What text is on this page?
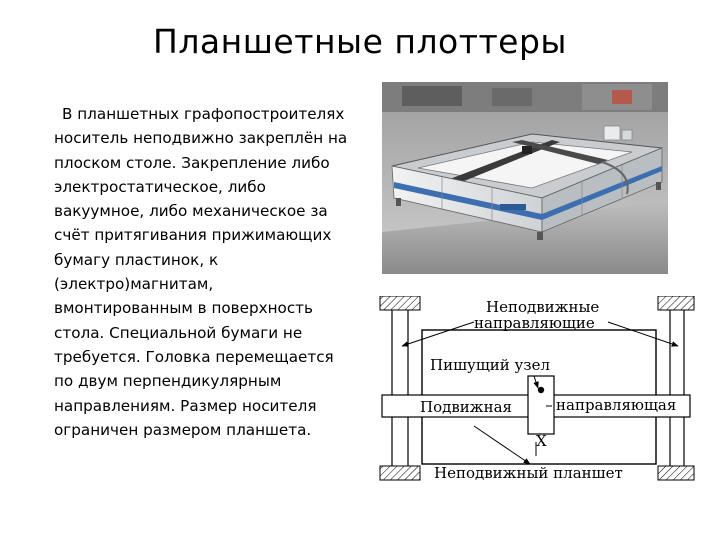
Планшетные плоттеры
В планшетных графопостроителях
носитель неподвижно закреплён на
плоском столе. Закрепление либо
электростатическое, либо
вакуумное, либо механическое за
счёт притягивания прижимающих
бумагу пластинок, к
(электро)магнитам,
вмонтированным в поверхность
стола. Специальной бумаги не
требуется. Головка перемещается
по двум перпендикулярным
направлениям. Размер носителя
ограничен размером планшета.
Неподвижные
направляющие
Пишущий узел
Подвижная	направляющая
X
Неподвижный планшет
